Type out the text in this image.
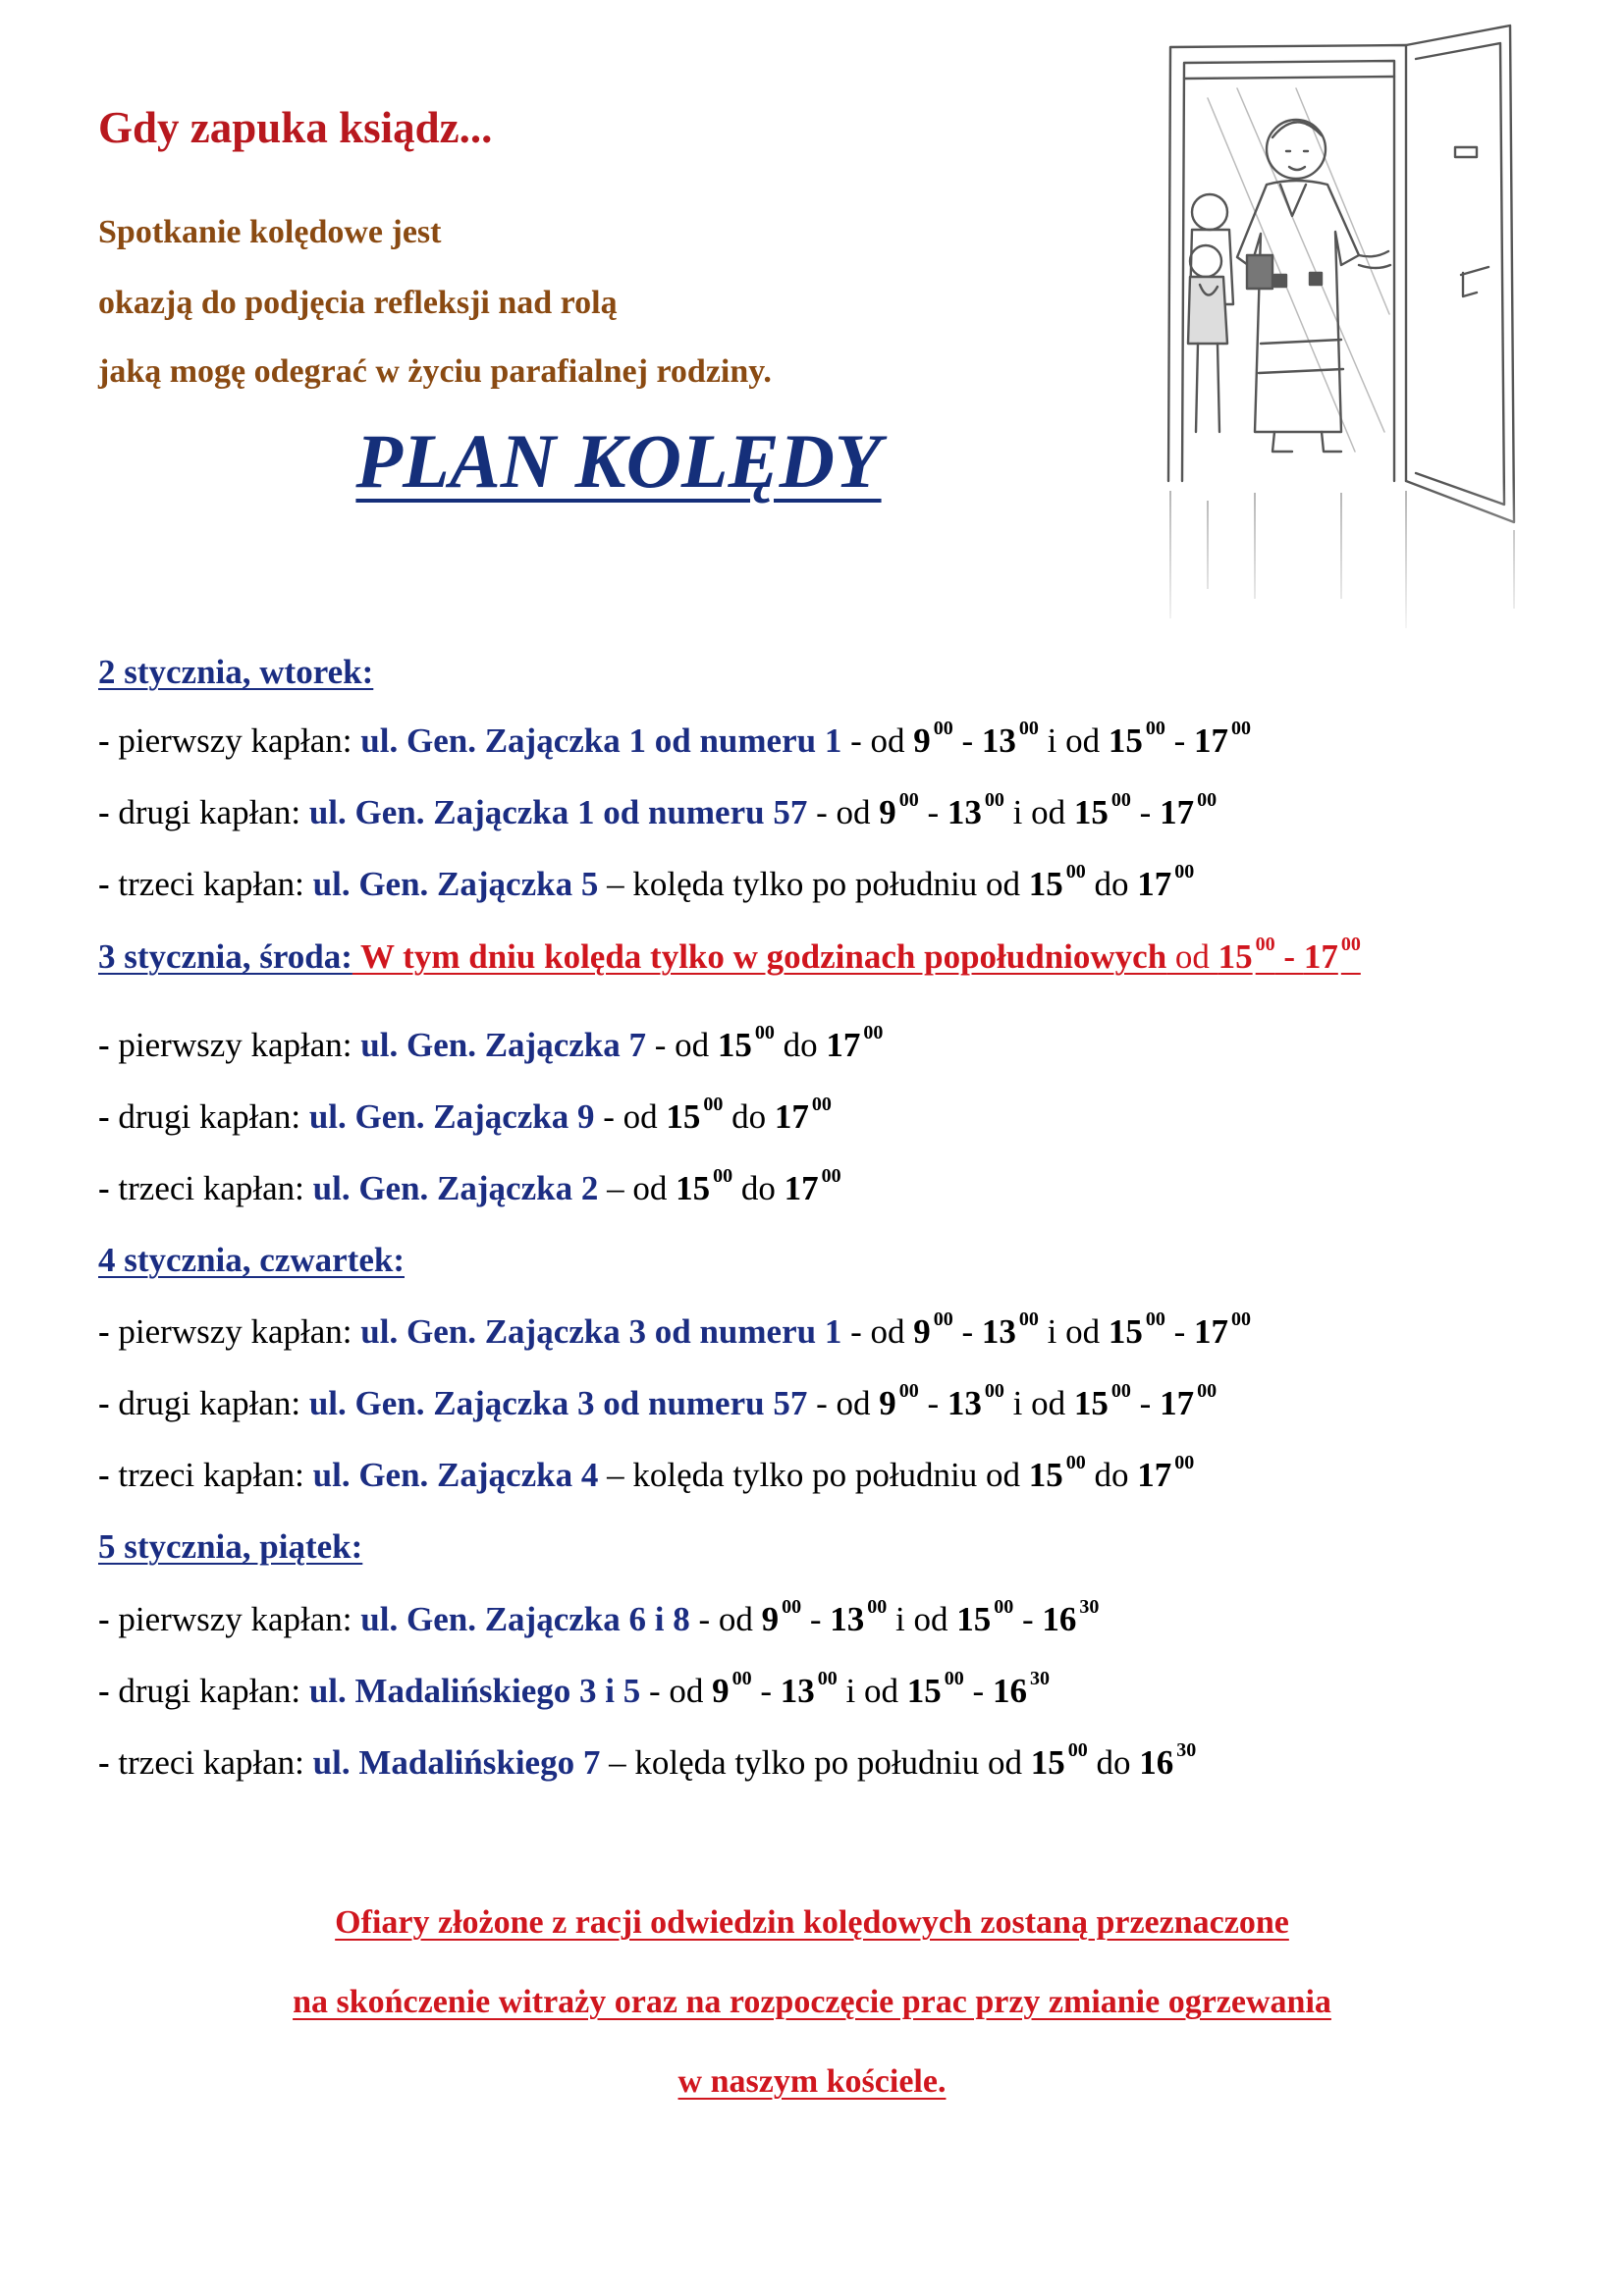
Gdy zapuka ksiądz...
Spotkanie kolędowe jest
okazją do podjęcia refleksji nad rolą
jaką mogę odegrać w życiu parafialnej rodziny.
PLAN KOLĘDY
2 stycznia, wtorek:
- pierwszy kapłan: ul. Gen. Zajączka 1 od numeru 1 - od 9 $^{00}$ - 13 $^{00}$ i od 15 $^{00}$ - 17 $^{00}$
- drugi kapłan: ul. Gen. Zajączka 1 od numeru 57 - od 9 $^{00}$ - 13 $^{00}$ i od 15 $^{00}$ - 17 $^{00}$
- trzeci kapłan: ul. Gen. Zajączka 5 – kolęda tylko po południu od 15 $^{00}$ do 17 $^{00}$
3 stycznia, środa: W tym dniu kolęda tylko w godzinach popołudniowych od 15 $^{00}$ - 17 $^{00}$
- pierwszy kapłan: ul. Gen. Zajączka 7 - od 15 $^{00}$ do 17 $^{00}$
- drugi kapłan: ul. Gen. Zajączka 9 - od 15 $^{00}$ do 17 $^{00}$
- trzeci kapłan: ul. Gen. Zajączka 2 – od 15 $^{00}$ do 17 $^{00}$
4 stycznia, czwartek:
- pierwszy kapłan: ul. Gen. Zajączka 3 od numeru 1 - od 9 $^{00}$ - 13 $^{00}$ i od 15 $^{00}$ - 17 $^{00}$
- drugi kapłan: ul. Gen. Zajączka 3 od numeru 57 - od 9 $^{00}$ - 13 $^{00}$ i od 15 $^{00}$ - 17 $^{00}$
- trzeci kapłan: ul. Gen. Zajączka 4 – kolęda tylko po południu od 15 $^{00}$ do 17 $^{00}$
5 stycznia, piątek:
- pierwszy kapłan: ul. Gen. Zajączka 6 i 8 - od 9 $^{00}$ - 13 $^{00}$ i od 15 $^{00}$ - 16 $^{30}$
- drugi kapłan: ul. Madalińskiego 3 i 5 - od 9 $^{00}$ - 13 $^{00}$ i od 15 $^{00}$ - 16 $^{30}$
- trzeci kapłan: ul. Madalińskiego 7 – kolęda tylko po południu od 15 $^{00}$ do 16 $^{30}$
Ofiary złożone z racji odwiedzin kolędowych zostaną przeznaczone
na skończenie witraży oraz na rozpoczęcie prac przy zmianie ogrzewania
w naszym kościele.
